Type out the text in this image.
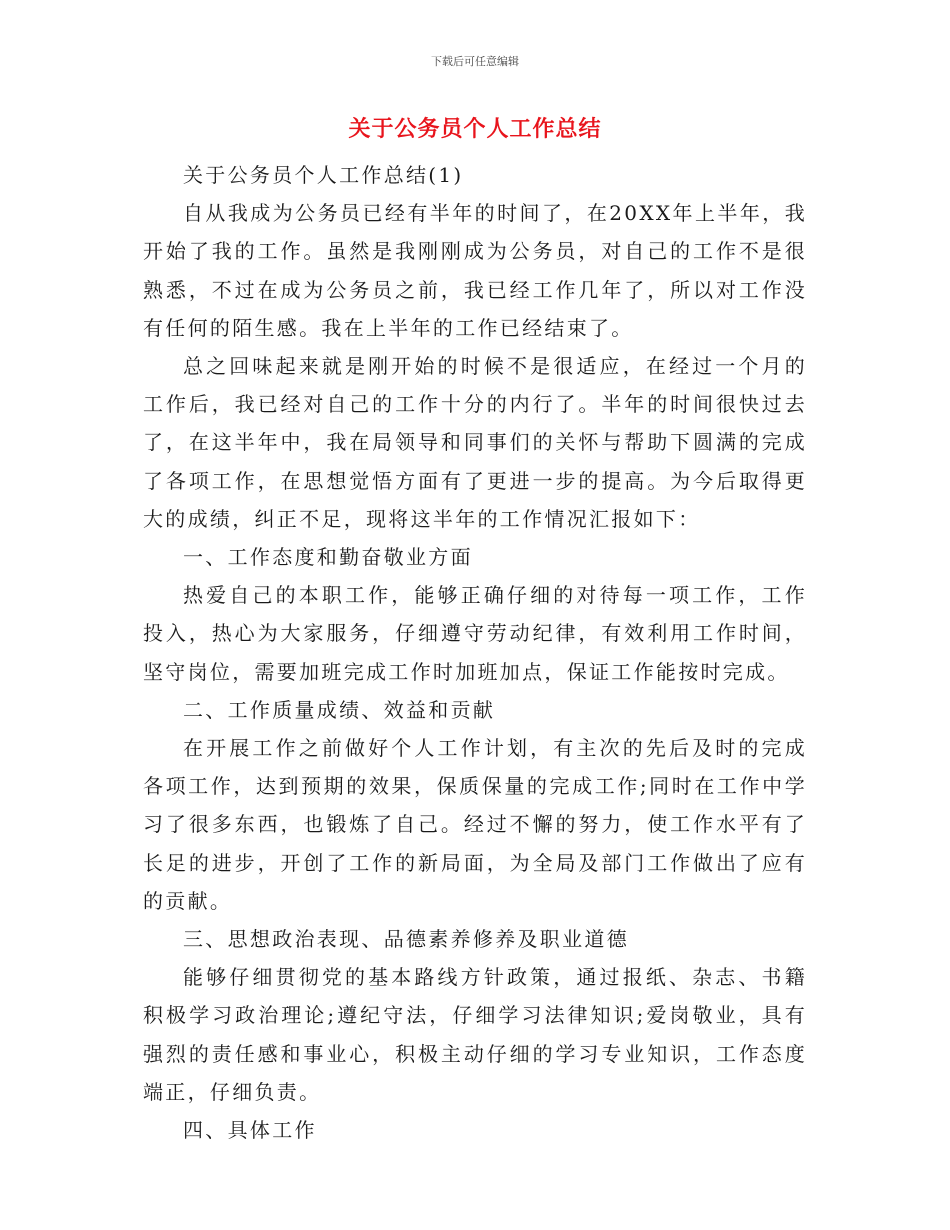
下载后可任意编辑
关于公务员个人工作总结

关于公务员个人工作总结(1)

自从我成为公务员已经有半年的时间了，在20XX年上半年，我开始了我的工作。虽然是我刚刚成为公务员，对自己的工作不是很熟悉，不过在成为公务员之前，我已经工作几年了，所以对工作没有任何的陌生感。我在上半年的工作已经结束了。

总之回味起来就是刚开始的时候不是很适应，在经过一个月的工作后，我已经对自己的工作十分的内行了。半年的时间很快过去了，在这半年中，我在局领导和同事们的关怀与帮助下圆满的完成了各项工作，在思想觉悟方面有了更进一步的提高。为今后取得更大的成绩，纠正不足，现将这半年的工作情况汇报如下：

一、工作态度和勤奋敬业方面

热爱自己的本职工作，能够正确仔细的对待每一项工作，工作投入，热心为大家服务，仔细遵守劳动纪律，有效利用工作时间，坚守岗位，需要加班完成工作时加班加点，保证工作能按时完成。

二、工作质量成绩、效益和贡献

在开展工作之前做好个人工作计划，有主次的先后及时的完成各项工作，达到预期的效果，保质保量的完成工作;同时在工作中学习了很多东西，也锻炼了自己。经过不懈的努力，使工作水平有了长足的进步，开创了工作的新局面，为全局及部门工作做出了应有的贡献。

三、思想政治表现、品德素养修养及职业道德

能够仔细贯彻党的基本路线方针政策，通过报纸、杂志、书籍积极学习政治理论;遵纪守法，仔细学习法律知识;爱岗敬业，具有强烈的责任感和事业心，积极主动仔细的学习专业知识，工作态度端正，仔细负责。

四、具体工作
